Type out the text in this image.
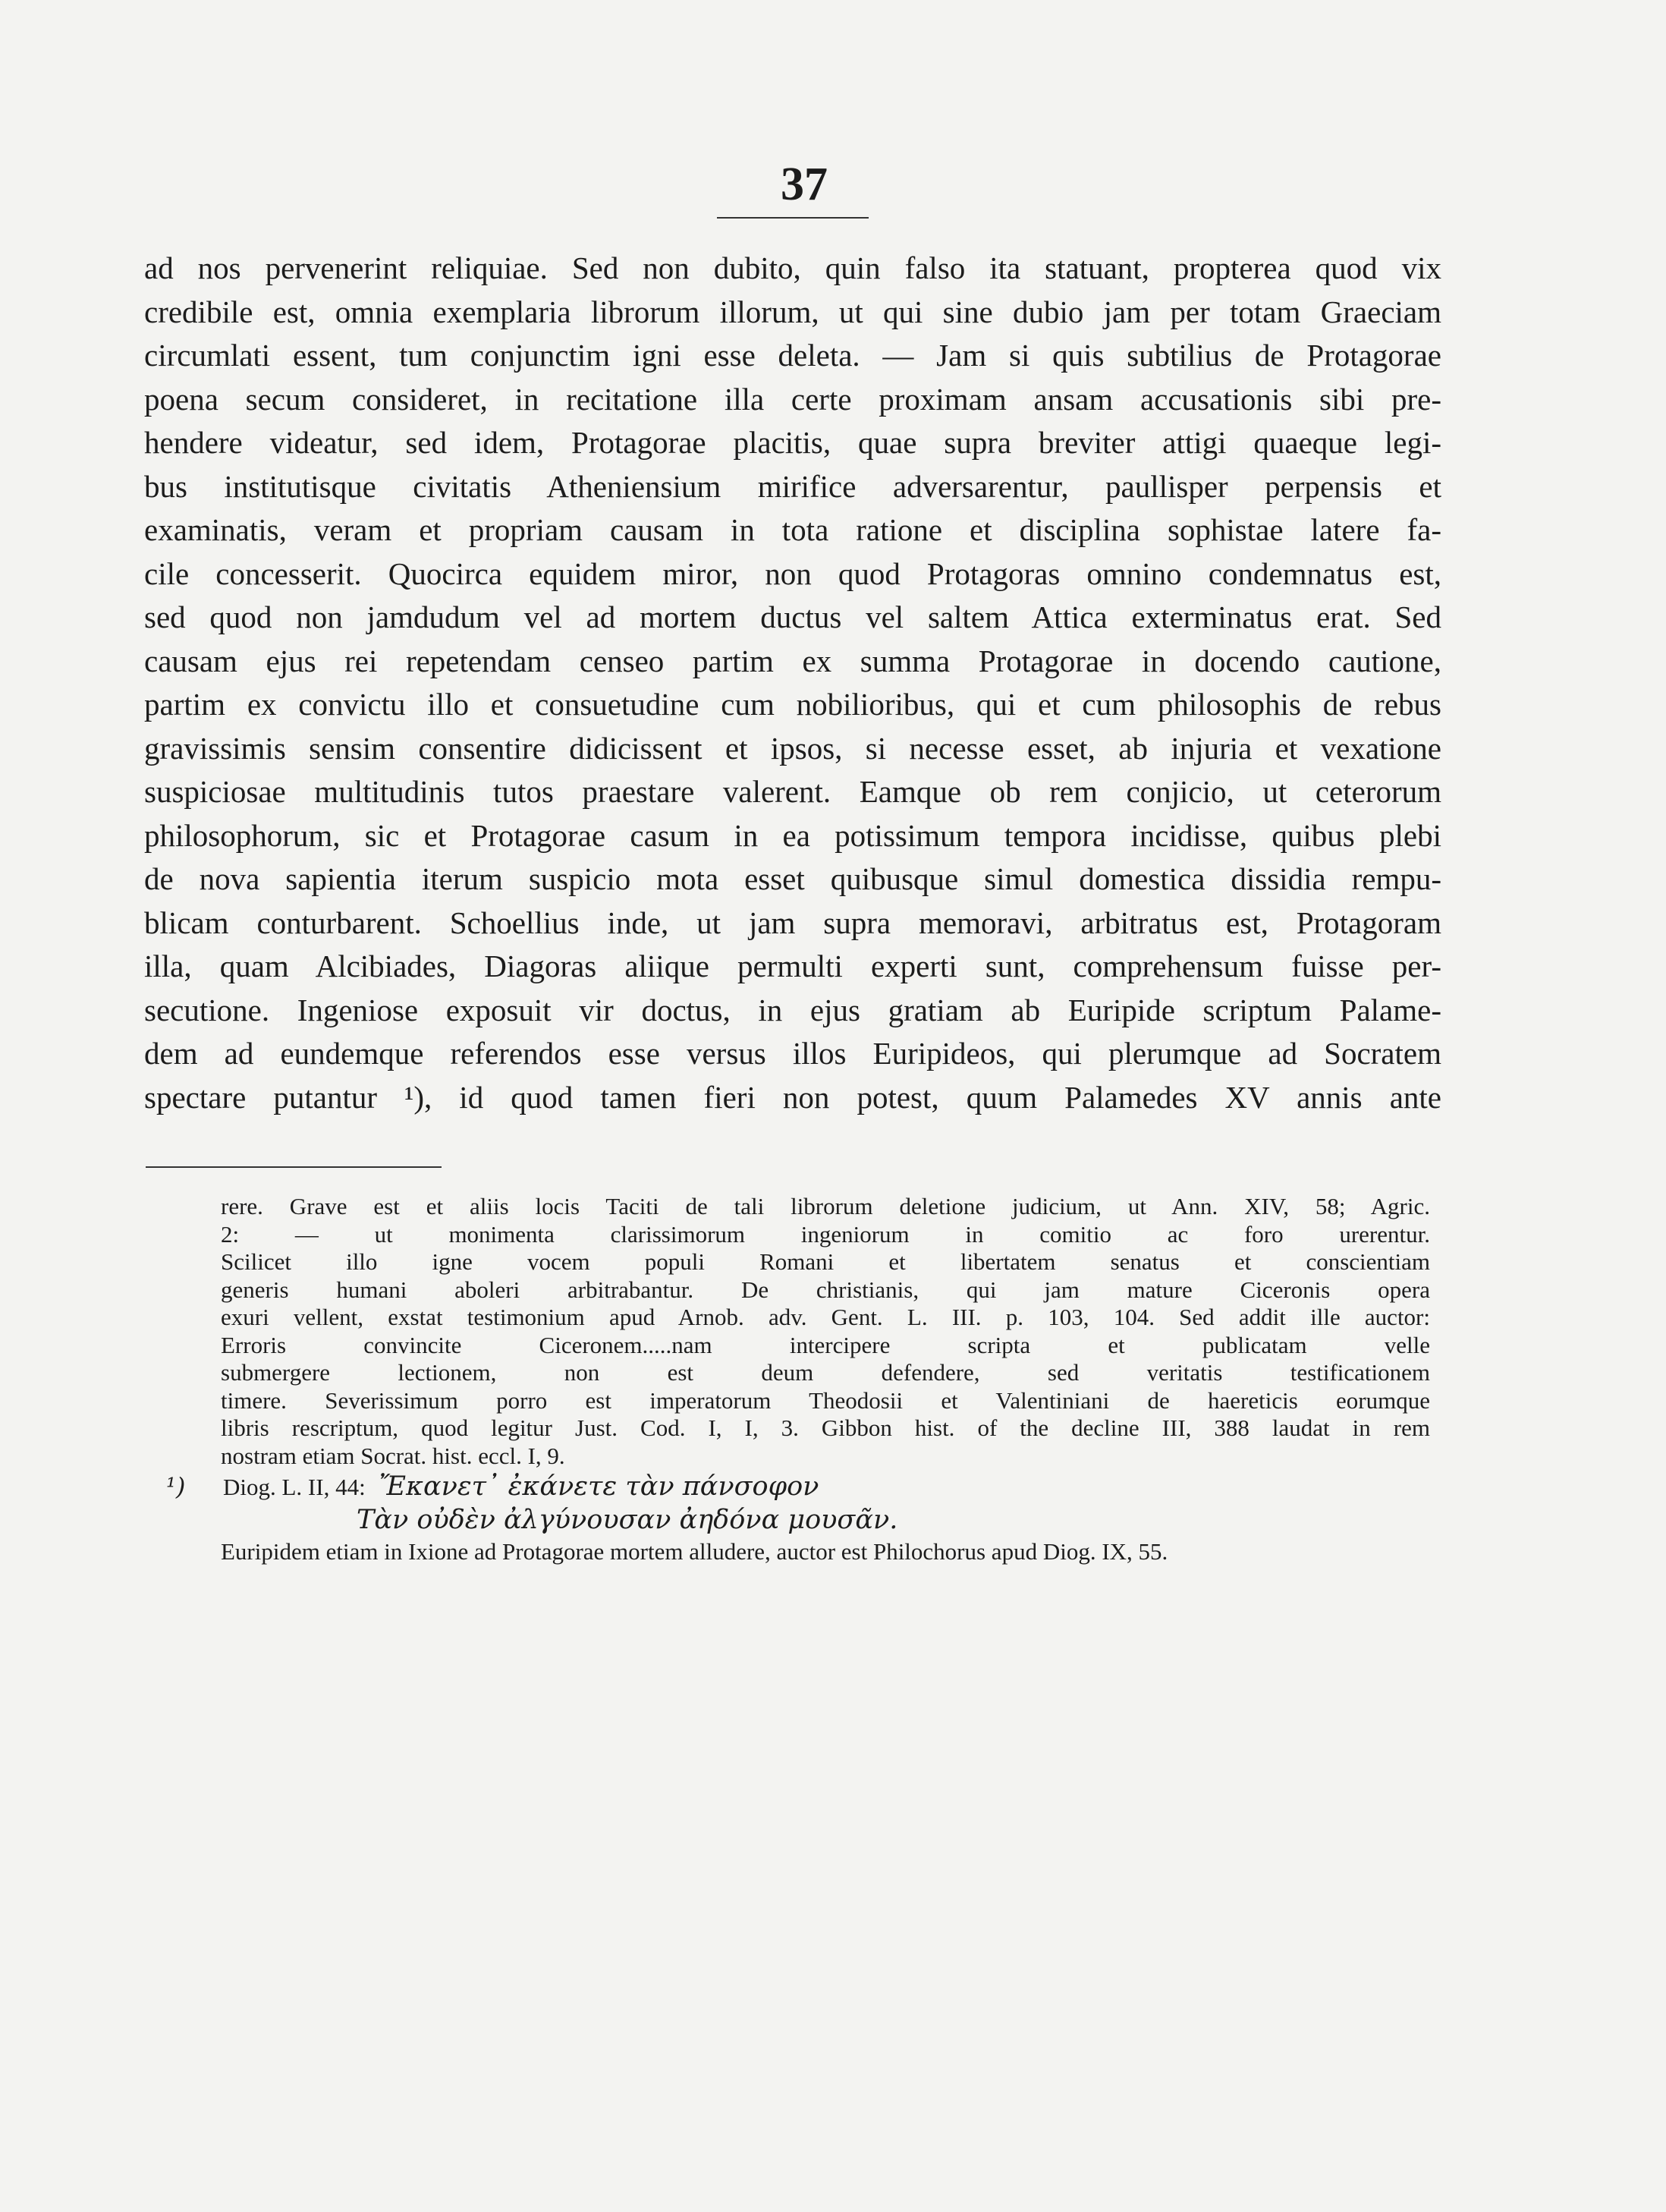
37
ad nos pervenerint reliquiae. Sed non dubito, quin falso ita statuant, propterea quod vix
credibile est, omnia exemplaria librorum illorum, ut qui sine dubio jam per totam Graeciam
circumlati essent, tum conjunctim igni esse deleta. — Jam si quis subtilius de Protagorae
poena secum consideret, in recitatione illa certe proximam ansam accusationis sibi pre-
hendere videatur, sed idem, Protagorae placitis, quae supra breviter attigi quaeque legi-
bus institutisque civitatis Atheniensium mirifice adversarentur, paullisper perpensis et
examinatis, veram et propriam causam in tota ratione et disciplina sophistae latere fa-
cile concesserit. Quocirca equidem miror, non quod Protagoras omnino condemnatus est,
sed quod non jamdudum vel ad mortem ductus vel saltem Attica exterminatus erat. Sed
causam ejus rei repetendam censeo partim ex summa Protagorae in docendo cautione,
partim ex convictu illo et consuetudine cum nobilioribus, qui et cum philosophis de rebus
gravissimis sensim consentire didicissent et ipsos, si necesse esset, ab injuria et vexatione
suspiciosae multitudinis tutos praestare valerent. Eamque ob rem conjicio, ut ceterorum
philosophorum, sic et Protagorae casum in ea potissimum tempora incidisse, quibus plebi
de nova sapientia iterum suspicio mota esset quibusque simul domestica dissidia rempu-
blicam conturbarent. Schoellius inde, ut jam supra memoravi, arbitratus est, Protagoram
illa, quam Alcibiades, Diagoras aliique permulti experti sunt, comprehensum fuisse per-
secutione. Ingeniose exposuit vir doctus, in ejus gratiam ab Euripide scriptum Palame-
dem ad eundemque referendos esse versus illos Euripideos, qui plerumque ad Socratem
spectare putantur ¹), id quod tamen fieri non potest, quum Palamedes XV annis ante
rere. Grave est et aliis locis Taciti de tali librorum deletione judicium, ut Ann. XIV, 58; Agric.
2: — ut monimenta clarissimorum ingeniorum in comitio ac foro urerentur.
Scilicet illo igne vocem populi Romani et libertatem senatus et conscientiam
generis humani aboleri arbitrabantur. De christianis, qui jam mature Ciceronis opera
exuri vellent, exstat testimonium apud Arnob. adv. Gent. L. III. p. 103, 104. Sed addit ille auctor:
Erroris convincite Ciceronem.....nam intercipere scripta et publicatam velle
submergere lectionem, non est deum defendere, sed veritatis testificationem
timere. Severissimum porro est imperatorum Theodosii et Valentiniani de haereticis eorumque
libris rescriptum, quod legitur Just. Cod. I, I, 3. Gibbon hist. of the decline III, 388 laudat in rem
nostram etiam Socrat. hist. eccl. I, 9.
¹) Diog. L. II, 44: Ἔκανετ᾿ ἐκάνετε τὰν πάνσοφον
Τὰν οὐδὲν ἀλγύνουσαν ἀηδόνα μουσᾶν.
Euripidem etiam in Ixione ad Protagorae mortem alludere, auctor est Philochorus apud Diog. IX, 55.
